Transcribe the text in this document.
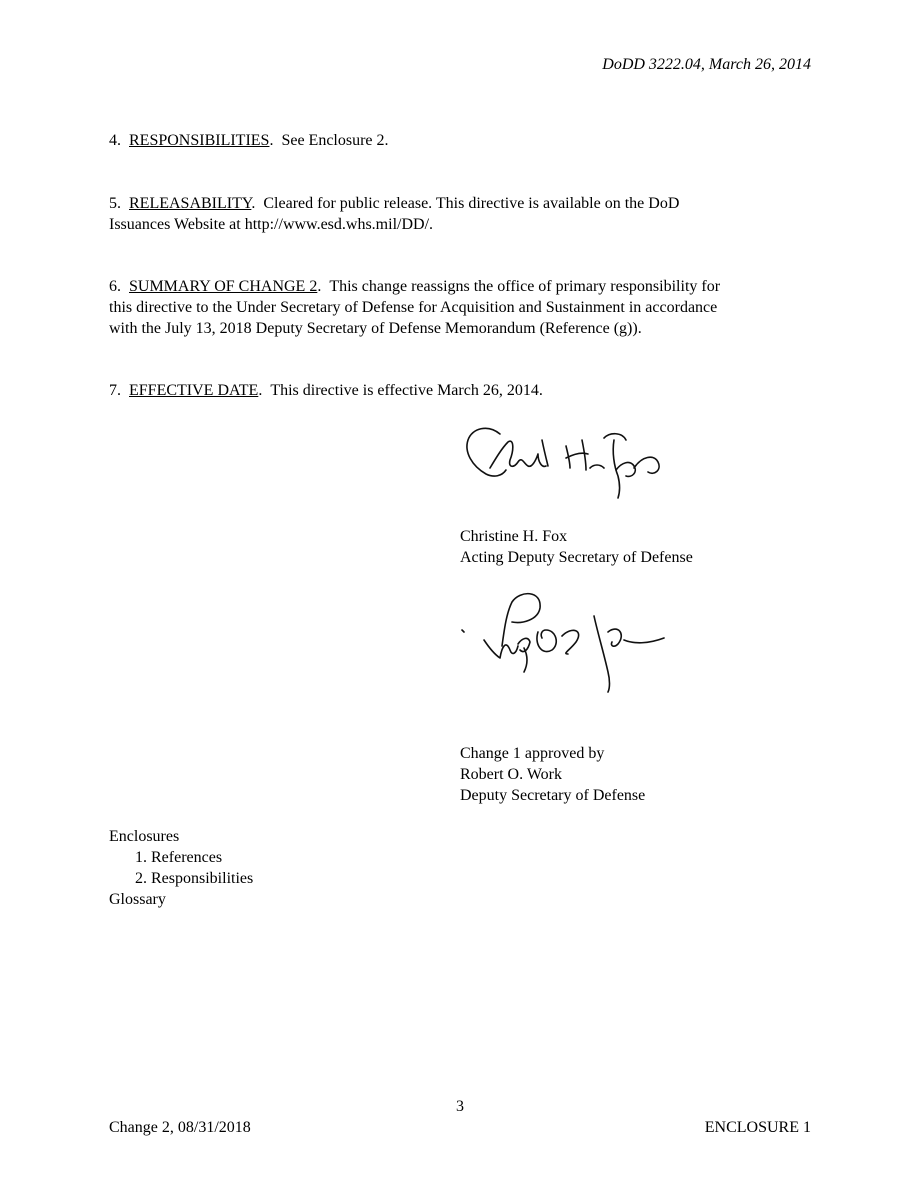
DoDD 3222.04, March 26, 2014
4. RESPONSIBILITIES.  See Enclosure 2.
5. RELEASABILITY.  Cleared for public release. This directive is available on the DoD
Issuances Website at http://www.esd.whs.mil/DD/.
6. SUMMARY OF CHANGE 2.  This change reassigns the office of primary responsibility for
this directive to the Under Secretary of Defense for Acquisition and Sustainment in accordance
with the July 13, 2018 Deputy Secretary of Defense Memorandum (Reference (g)).
7. EFFECTIVE DATE.  This directive is effective March 26, 2014.
Christine H. Fox
Acting Deputy Secretary of Defense
Change 1 approved by
Robert O. Work
Deputy Secretary of Defense
Enclosures
1. References
2. Responsibilities
Glossary
3
Change 2, 08/31/2018	ENCLOSURE 1
